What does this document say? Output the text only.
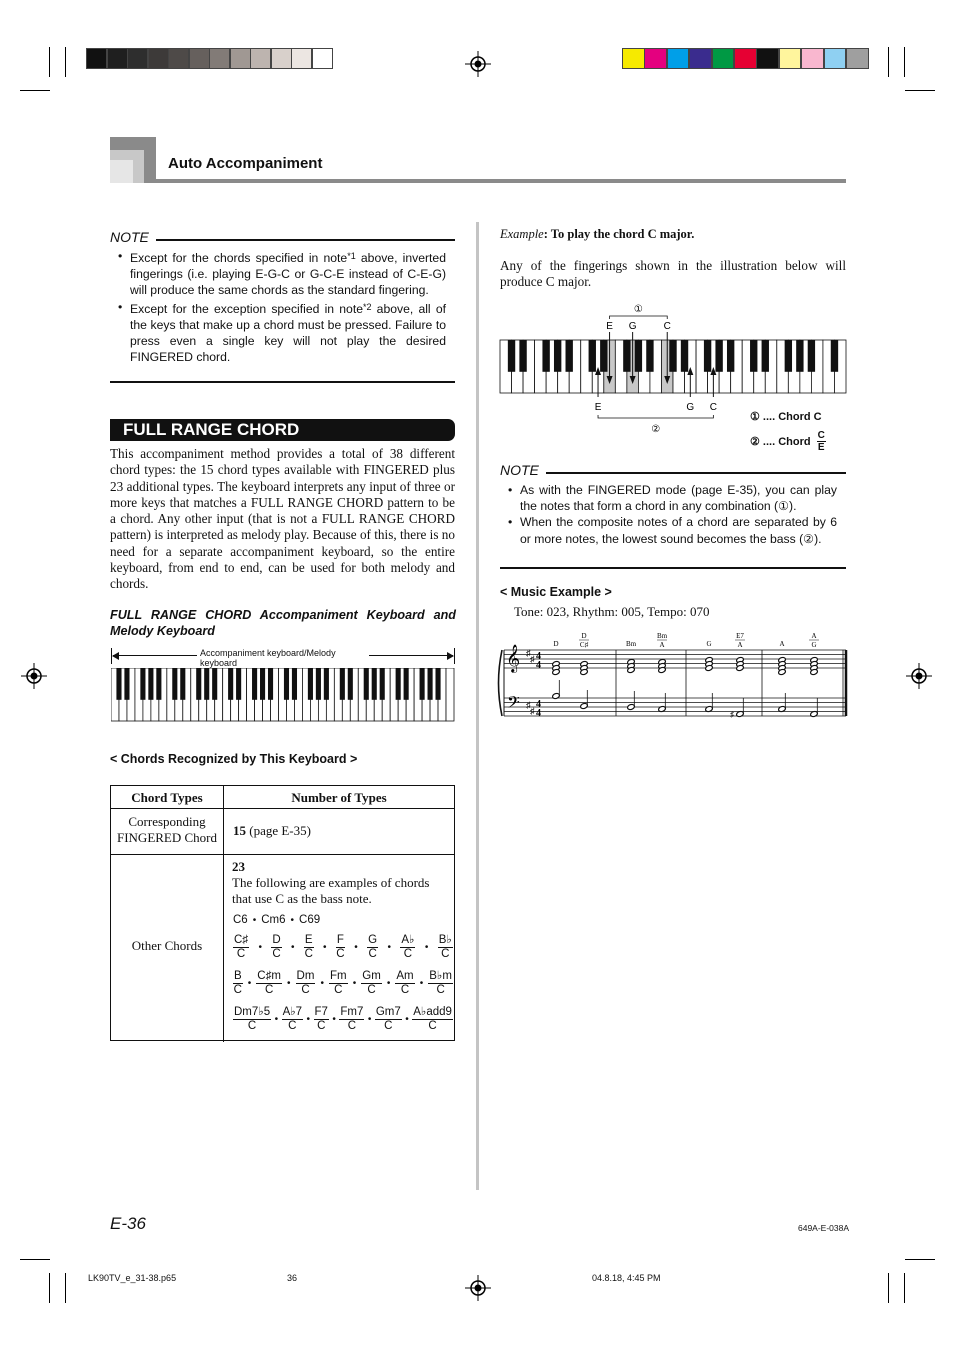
Auto Accompaniment
NOTE
• Except for the chords specified in note$^{*1}$ above, inverted fingerings (i.e. playing E-G-C or G-C-E instead of C-E-G) will produce the same chords as the standard fingering.
• Except for the exception specified in note$^{*2}$ above, all of the keys that make up a chord must be pressed. Failure to press even a single key will not play the desired FINGERED chord.
FULL RANGE CHORD
This accompaniment method provides a total of 38 different chord types: the 15 chord types available with FINGERED plus 23 additional types. The keyboard interprets any input of three or more keys that matches a FULL RANGE CHORD pattern to be a chord. Any other input (that is not a FULL RANGE CHORD pattern) is interpreted as melody play. Because of this, there is no need for a separate accompaniment keyboard, so the entire keyboard, from end to end, can be used for both melody and chords.
FULL RANGE CHORD Accompaniment Keyboard and Melody Keyboard
Accompaniment keyboard/Melody keyboard
< Chords Recognized by This Keyboard >
Chord Types	Number of Types
Corresponding FINGERED Chord	15 (page E-35)
Other Chords
23
The following are examples of chords that use C as the bass note.
C6 • Cm6 • C69
$\frac{C♯}{C}$ • $\frac{D}{C}$ • $\frac{E}{C}$ • $\frac{F}{C}$ • $\frac{G}{C}$ • $\frac{A♭}{C}$ • $\frac{B♭}{C}$
$\frac{B}{C}$ • $\frac{C♯m}{C}$ • $\frac{Dm}{C}$ • $\frac{Fm}{C}$ • $\frac{Gm}{C}$ • $\frac{Am}{C}$ • $\frac{B♭m}{C}$
$\frac{Dm7♭5}{C}$ • $\frac{A♭7}{C}$ • $\frac{F7}{C}$ • $\frac{Fm7}{C}$ • $\frac{Gm7}{C}$ • $\frac{\text{A♭add9}}{C}$
Example: To play the chord C major.
Any of the fingerings shown in the illustration below will produce C major.
E G	C
①
E	G C
②
① .... Chord C
② .... Chord $\frac{C}{E}$
NOTE
• As with the FINGERED mode (page E-35), you can play the notes that form a chord in any combination (①).
• When the composite notes of a chord are separated by 6 or more notes, the lowest sound becomes the bass (②).
< Music Example >
Tone: 023, Rhythm: 005, Tempo: 070
𝄞
𝄢
♯
♯ 4
4
♯
♯
4
4
D
D
C♯	Bm
Bm
A	G
E7
A	A
A
G
♯
E-36	649A-E-038A
LK90TV_e_31-38.p65	36	04.8.18, 4:45 PM
